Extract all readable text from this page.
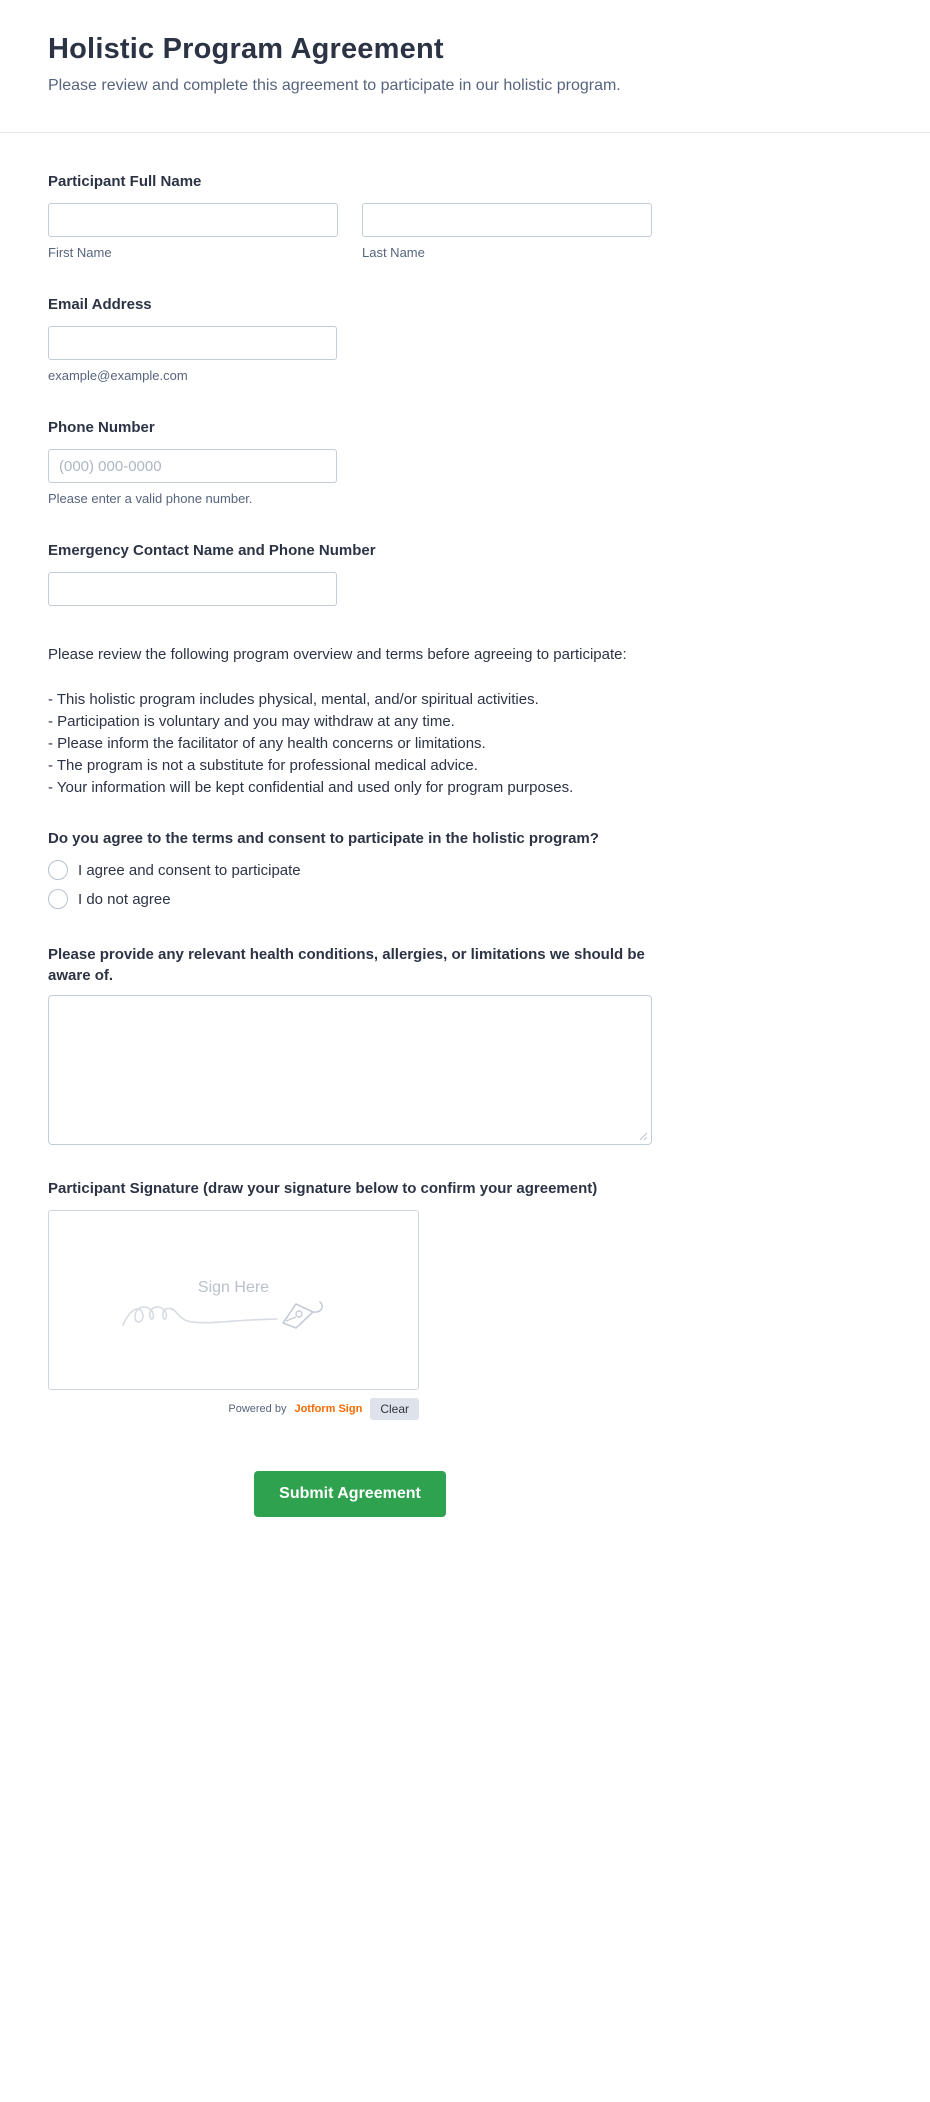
Holistic Program Agreement
Please review and complete this agreement to participate in our holistic program.
Participant Full Name
First Name	Last Name
Email Address
example@example.com
Phone Number
(000) 000-0000
Please enter a valid phone number.
Emergency Contact Name and Phone Number
Please review the following program overview and terms before agreeing to participate:
- This holistic program includes physical, mental, and/or spiritual activities.
- Participation is voluntary and you may withdraw at any time.
- Please inform the facilitator of any health concerns or limitations.
- The program is not a substitute for professional medical advice.
- Your information will be kept confidential and used only for program purposes.
Do you agree to the terms and consent to participate in the holistic program?
I agree and consent to participate
I do not agree
Please provide any relevant health conditions, allergies, or limitations we should be aware of.
Participant Signature (draw your signature below to confirm your agreement)
Sign Here
Powered by Jotform Sign	Clear
Submit Agreement
